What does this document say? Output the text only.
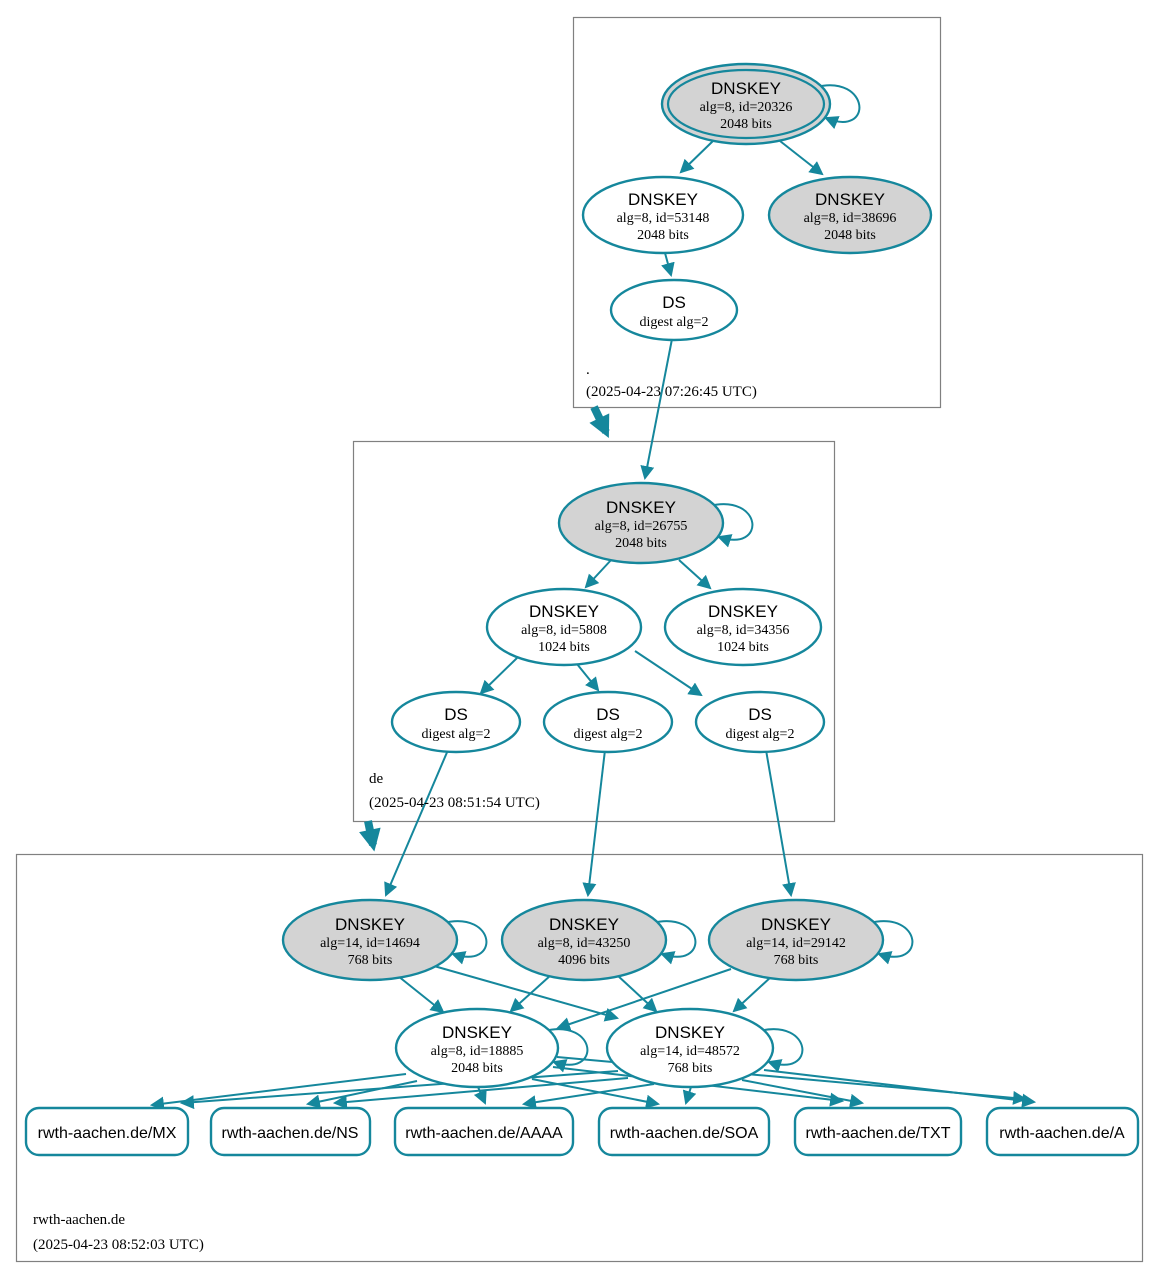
DNSKEY
alg=8, id=20326
2048 bits
DNSKEY
alg=8, id=53148
2048 bits
DNSKEY
alg=8, id=38696
2048 bits
DS
digest alg=2
.
(2025-04-23 07:26:45 UTC)
DNSKEY
alg=8, id=26755
2048 bits
DNSKEY
alg=8, id=5808
1024 bits
DNSKEY
alg=8, id=34356
1024 bits
DS
digest alg=2
DS
digest alg=2
DS
digest alg=2
de
(2025-04-23 08:51:54 UTC)
DNSKEY
alg=14, id=14694
768 bits
DNSKEY
alg=8, id=43250
4096 bits
DNSKEY
alg=14, id=29142
768 bits
DNSKEY
alg=8, id=18885
2048 bits
DNSKEY
alg=14, id=48572
768 bits
rwth-aachen.de/MX	rwth-aachen.de/NS	rwth-aachen.de/AAAA	rwth-aachen.de/SOA	rwth-aachen.de/TXT	rwth-aachen.de/A
rwth-aachen.de
(2025-04-23 08:52:03 UTC)
